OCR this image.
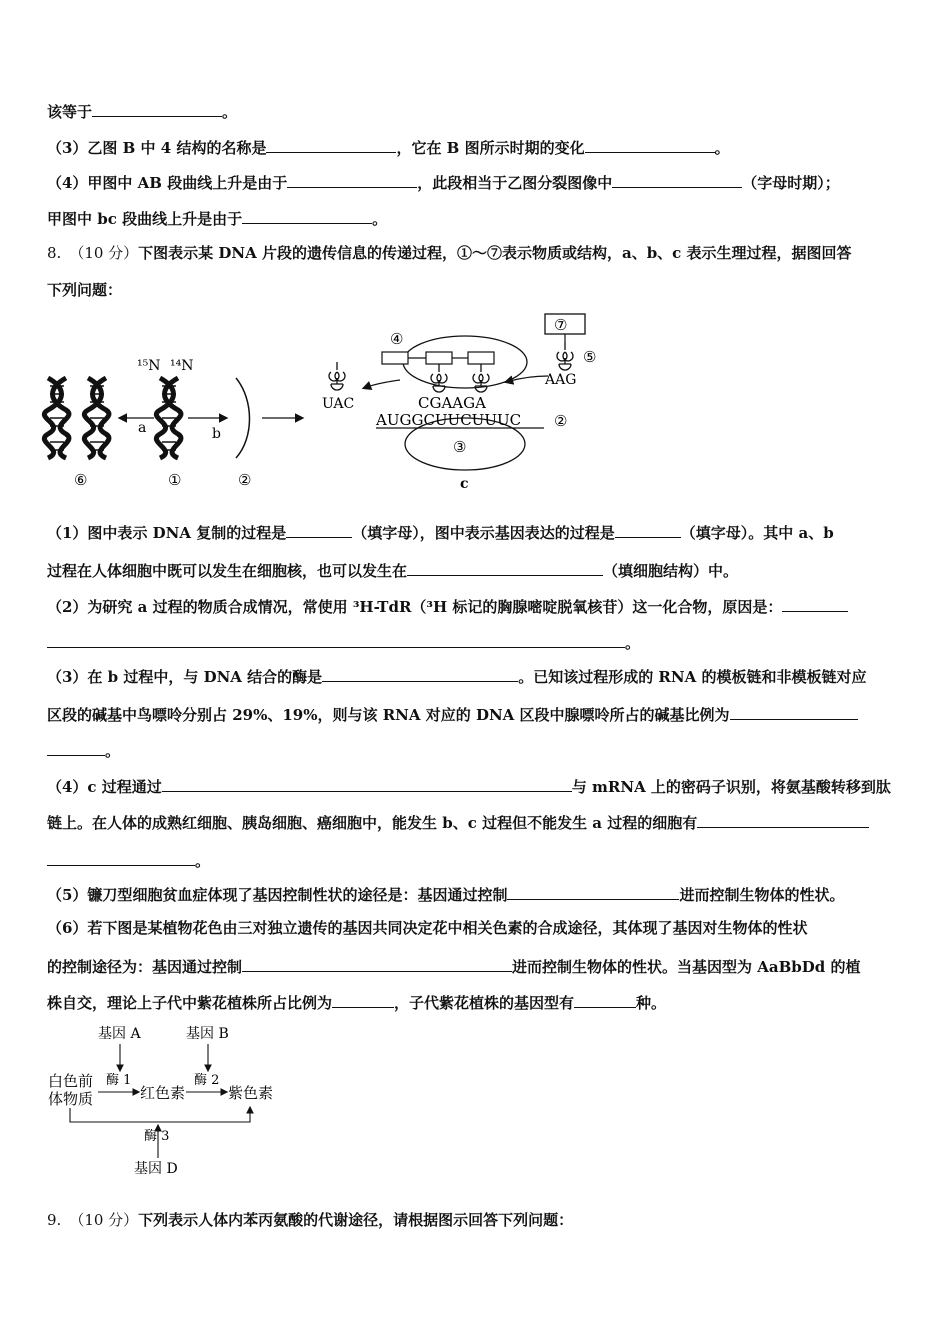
该等于	。
（3）乙图 B 中 4 结构的名称是	，它在 B 图所示时期的变化	。
（4）甲图中 AB 段曲线上升是由于	，此段相当于乙图分裂图像中	（字母时期）；
甲图中 bc 段曲线上升是由于	。
8. （10 分）下图表示某 DNA 片段的遗传信息的传递过程，①～⑦表示物质或结构，a、b、c 表示生理过程，据图回答
下列问题：
¹⁵N ¹⁴N
a	b
⑥	①	②
③
④
UAC
⑦
⑤
AAG
CGAAGA
AUGGCUUCUUUC ②
c
（1）图中表示 DNA 复制的过程是	（填字母），图中表示基因表达的过程是	（填字母）。其中 a、b
过程在人体细胞中既可以发生在细胞核，也可以发生在	（填细胞结构）中。
（2）为研究 a 过程的物质合成情况，常使用 ³H-TdR（³H 标记的胸腺嘧啶脱氧核苷）这一化合物，原因是：
。
（3）在 b 过程中，与 DNA 结合的酶是	。已知该过程形成的 RNA 的模板链和非模板链对应
区段的碱基中鸟嘌呤分别占 29%、19%，则与该 RNA 对应的 DNA 区段中腺嘌呤所占的碱基比例为
。
（4）c 过程通过	与 mRNA 上的密码子识别，将氨基酸转移到肽
链上。在人体的成熟红细胞、胰岛细胞、癌细胞中，能发生 b、c 过程但不能发生 a 过程的细胞有
。
（5）镰刀型细胞贫血症体现了基因控制性状的途径是：基因通过控制	进而控制生物体的性状。
（6）若下图是某植物花色由三对独立遗传的基因共同决定花中相关色素的合成途径，其体现了基因对生物体的性状
的控制途径为：基因通过控制	进而控制生物体的性状。当基因型为 AaBbDd 的植
株自交，理论上子代中紫花植株所占比例为	，子代紫花植株的基因型有	种。
基因 A	基因 B
白色前
体物质
酶 1
红色素
酶 2
紫色素
酶 3
基因 D
9. （10 分）下列表示人体内苯丙氨酸的代谢途径，请根据图示回答下列问题：
